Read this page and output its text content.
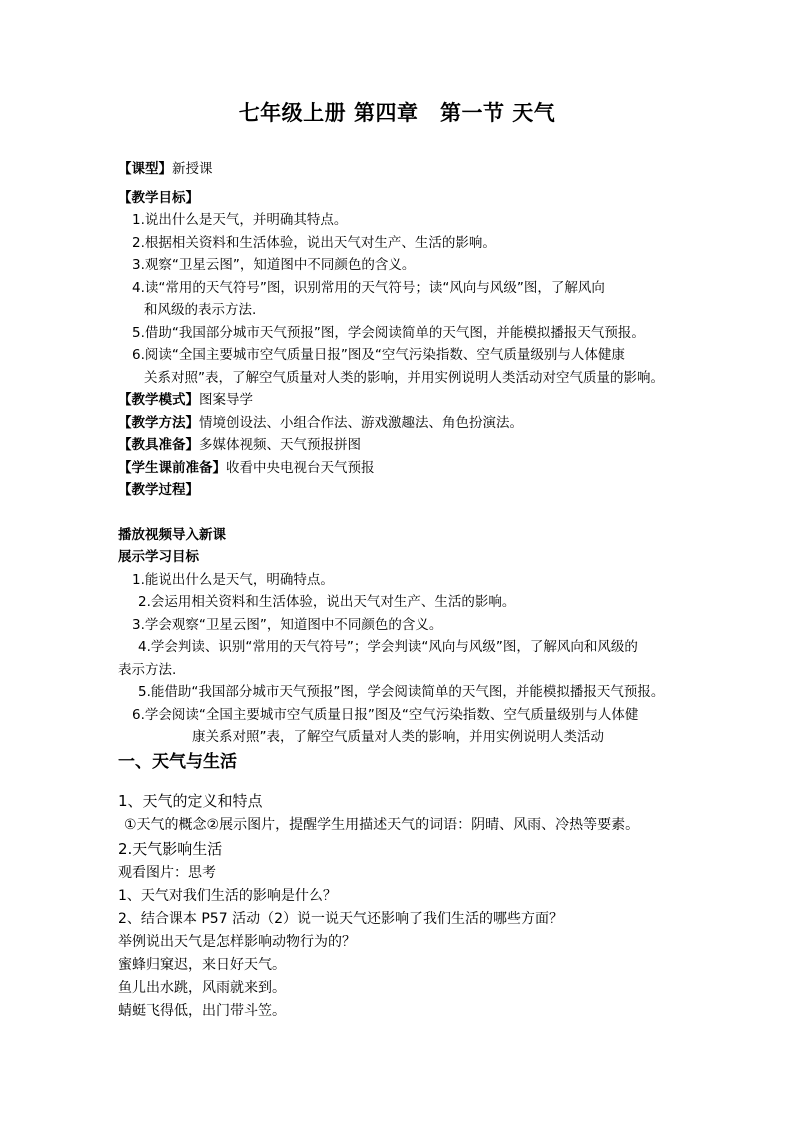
七年级上册 第四章　第一节 天气
【课型】新授课
【教学目标】
1.说出什么是天气，并明确其特点。
2.根据相关资料和生活体验，说出天气对生产、生活的影响。
3.观察“卫星云图”，知道图中不同颜色的含义。
4.读“常用的天气符号”图，识别常用的天气符号；读“风向与风级”图，了解风向
和风级的表示方法.
5.借助“我国部分城市天气预报”图，学会阅读简单的天气图，并能模拟播报天气预报。
6.阅读“全国主要城市空气质量日报”图及“空气污染指数、空气质量级别与人体健康
关系对照”表，了解空气质量对人类的影响，并用实例说明人类活动对空气质量的影响。
【教学模式】图案导学
【教学方法】情境创设法、小组合作法、游戏激趣法、角色扮演法。
【教具准备】多媒体视频、天气预报拼图
【学生课前准备】收看中央电视台天气预报
【教学过程】
播放视频导入新课
展示学习目标
1.能说出什么是天气，明确特点。
2.会运用相关资料和生活体验，说出天气对生产、生活的影响。
3.学会观察“卫星云图”，知道图中不同颜色的含义。
4.学会判读、识别“常用的天气符号”；学会判读“风向与风级”图，了解风向和风级的
表示方法.
5.能借助“我国部分城市天气预报”图，学会阅读简单的天气图，并能模拟播报天气预报。
6.学会阅读“全国主要城市空气质量日报”图及“空气污染指数、空气质量级别与人体健
康关系对照”表，了解空气质量对人类的影响，并用实例说明人类活动
一、天气与生活
1、天气的定义和特点
①天气的概念②展示图片，提醒学生用描述天气的词语：阴晴、风雨、冷热等要素。
2.天气影响生活
观看图片：思考
1、天气对我们生活的影响是什么？
2、结合课本 P57 活动（2）说一说天气还影响了我们生活的哪些方面？
举例说出天气是怎样影响动物行为的？
蜜蜂归窠迟，来日好天气。
鱼儿出水跳，风雨就来到。
蜻蜓飞得低，出门带斗笠。
